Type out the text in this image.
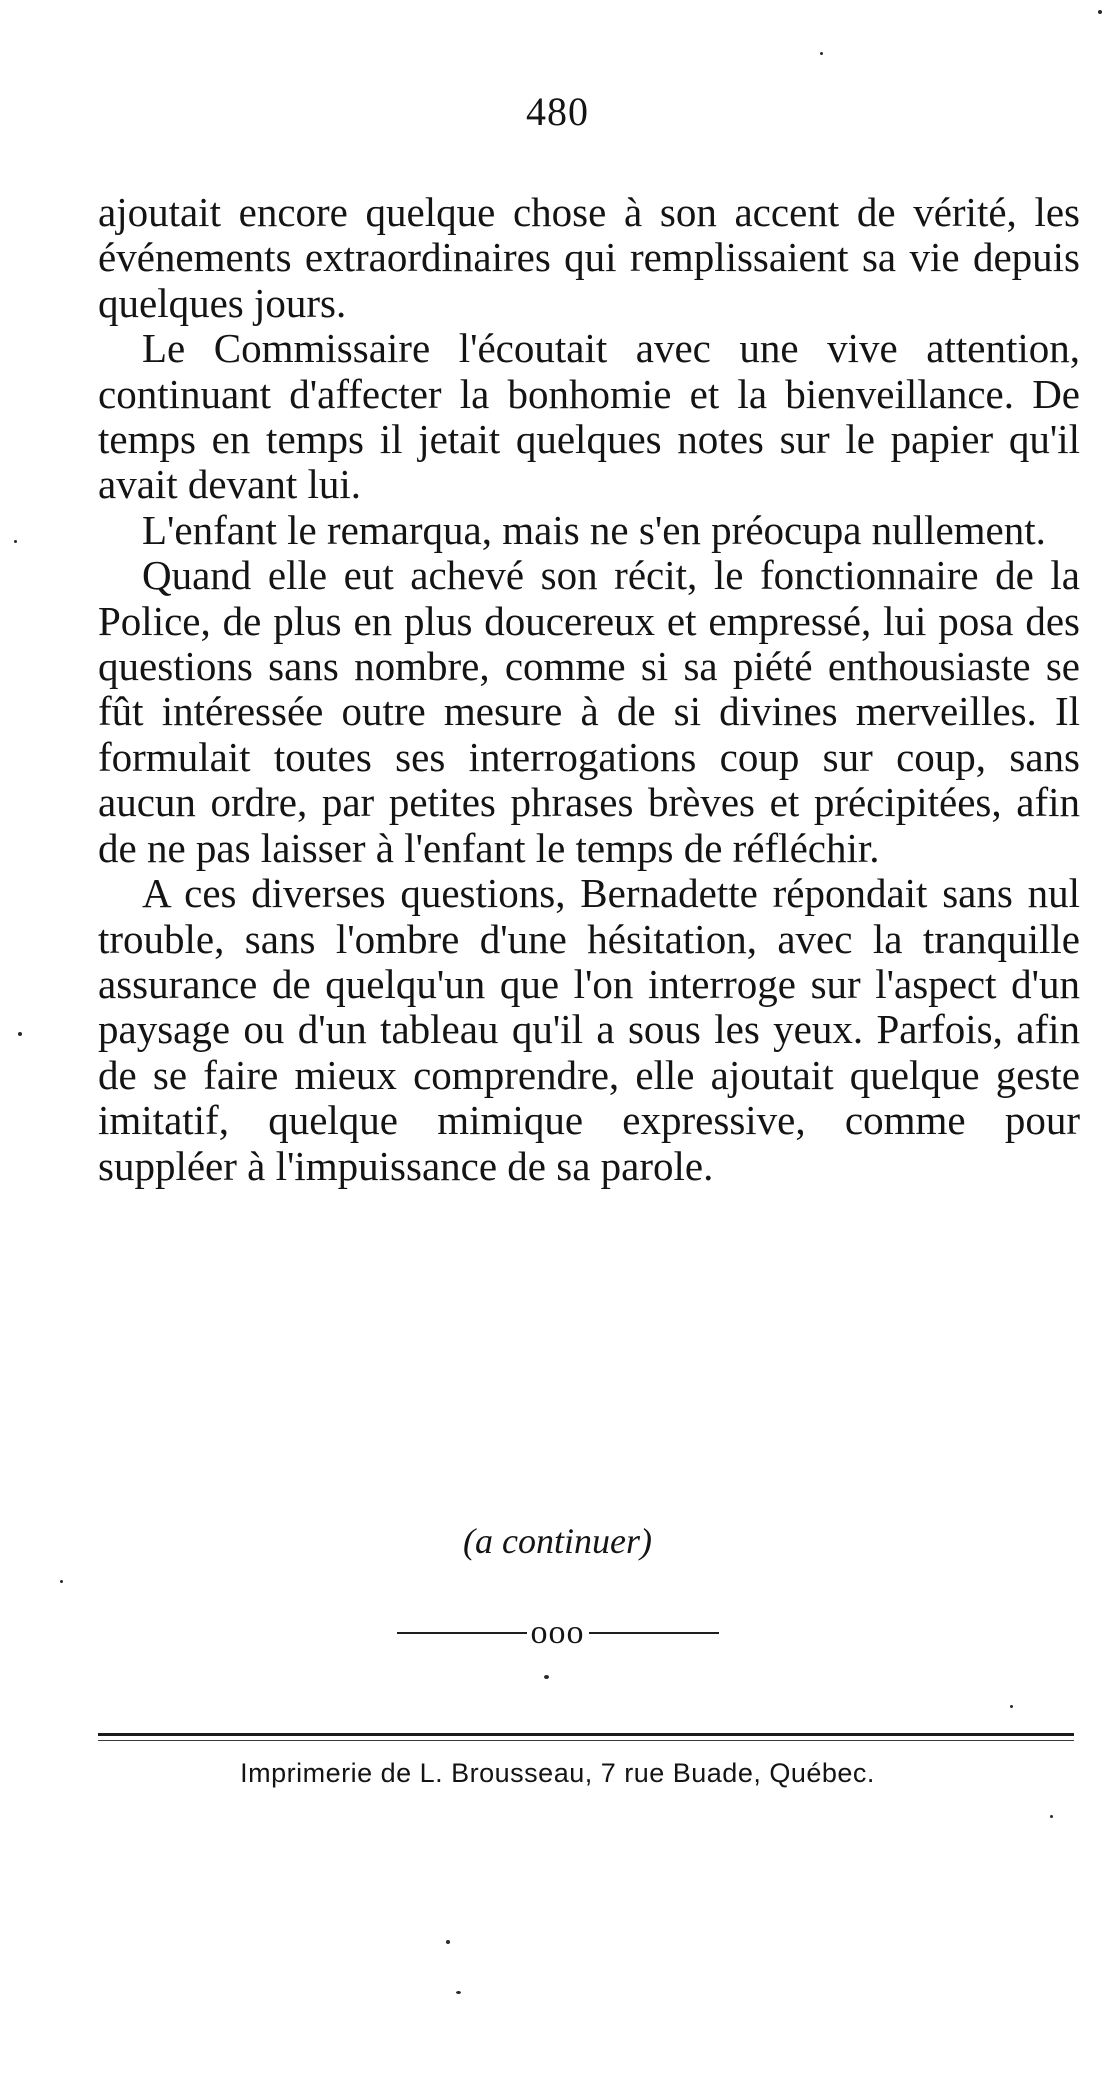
480

ajoutait encore quelque chose à son accent de vérité, les événements extraordinaires qui remplissaient sa vie depuis quelques jours.

Le Commissaire l'écoutait avec une vive attention, continuant d'affecter la bonhomie et la bienveillance. De temps en temps il jetait quelques notes sur le papier qu'il avait devant lui.

L'enfant le remarqua, mais ne s'en préocupa nullement.

Quand elle eut achevé son récit, le fonctionnaire de la Police, de plus en plus doucereux et empressé, lui posa des questions sans nombre, comme si sa piété enthousiaste se fût intéressée outre mesure à de si divines merveilles. Il formulait toutes ses interrogations coup sur coup, sans aucun ordre, par petites phrases brèves et précipitées, afin de ne pas laisser à l'enfant le temps de réfléchir.

A ces diverses questions, Bernadette répondait sans nul trouble, sans l'ombre d'une hésitation, avec la tranquille assurance de quelqu'un que l'on interroge sur l'aspect d'un paysage ou d'un tableau qu'il a sous les yeux. Parfois, afin de se faire mieux comprendre, elle ajoutait quelque geste imitatif, quelque mimique expressive, comme pour suppléer à l'impuissance de sa parole.

(a continuer)
ooo
Imprimerie de L. Brousseau, 7 rue Buade, Québec.
